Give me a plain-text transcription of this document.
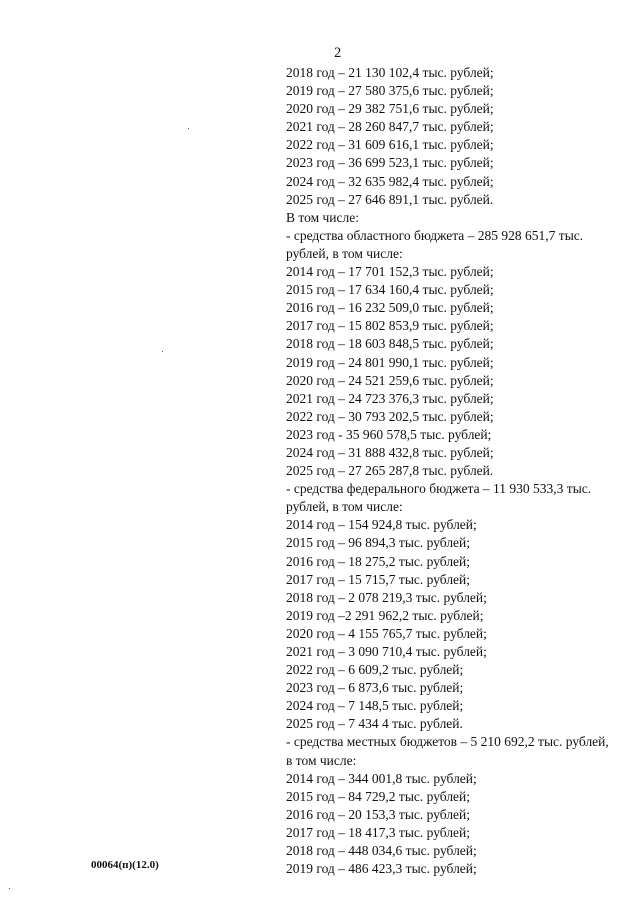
2
2018 год – 21 130 102,4 тыс. рублей;
2019 год – 27 580 375,6 тыс. рублей;
2020 год – 29 382 751,6 тыс. рублей;
2021 год – 28 260 847,7 тыс. рублей;
2022 год – 31 609 616,1 тыс. рублей;
2023 год – 36 699 523,1 тыс. рублей;
2024 год – 32 635 982,4 тыс. рублей;
2025 год – 27 646 891,1 тыс. рублей.
В том числе:
- средства областного бюджета – 285 928 651,7 тыс. рублей, в том числе:
2014 год – 17 701 152,3 тыс. рублей;
2015 год – 17 634 160,4 тыс. рублей;
2016 год – 16 232 509,0 тыс. рублей;
2017 год – 15 802 853,9 тыс. рублей;
2018 год – 18 603 848,5 тыс. рублей;
2019 год – 24 801 990,1 тыс. рублей;
2020 год – 24 521 259,6 тыс. рублей;
2021 год – 24 723 376,3 тыс. рублей;
2022 год – 30 793 202,5 тыс. рублей;
2023 год - 35 960 578,5 тыс. рублей;
2024 год – 31 888 432,8 тыс. рублей;
2025 год – 27 265 287,8 тыс. рублей.
- средства федерального бюджета – 11 930 533,3 тыс. рублей, в том числе:
2014 год – 154 924,8 тыс. рублей;
2015 год – 96 894,3 тыс. рублей;
2016 год – 18 275,2 тыс. рублей;
2017 год – 15 715,7 тыс. рублей;
2018 год – 2 078 219,3 тыс. рублей;
2019 год –2 291 962,2 тыс. рублей;
2020 год – 4 155 765,7 тыс. рублей;
2021 год – 3 090 710,4 тыс. рублей;
2022 год – 6 609,2 тыс. рублей;
2023 год – 6 873,6 тыс. рублей;
2024 год – 7 148,5 тыс. рублей;
2025 год – 7 434 4 тыс. рублей.
- средства местных бюджетов – 5 210 692,2 тыс. рублей, в том числе:
2014 год – 344 001,8 тыс. рублей;
2015 год – 84 729,2 тыс. рублей;
2016 год – 20 153,3 тыс. рублей;
2017 год – 18 417,3 тыс. рублей;
2018 год – 448 034,6 тыс. рублей;
2019 год – 486 423,3 тыс. рублей;
00064(п)(12.0)
